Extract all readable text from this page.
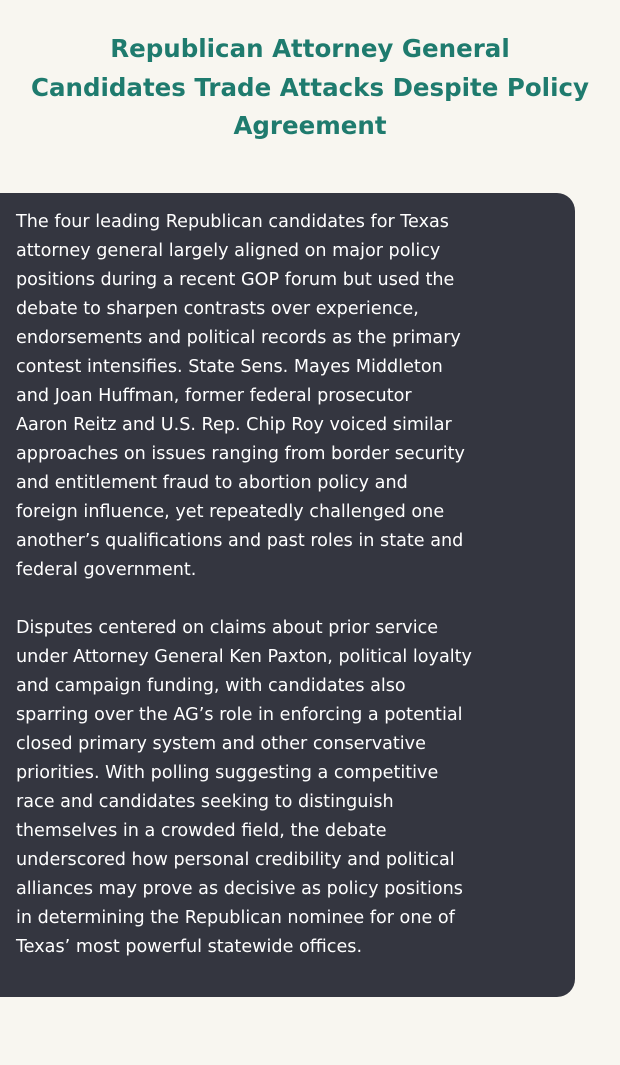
Republican Attorney General Candidates Trade Attacks Despite Policy Agreement

The four leading Republican candidates for Texas
attorney general largely aligned on major policy
positions during a recent GOP forum but used the
debate to sharpen contrasts over experience,
endorsements and political records as the primary
contest intensifies. State Sens. Mayes Middleton
and Joan Huffman, former federal prosecutor
Aaron Reitz and U.S. Rep. Chip Roy voiced similar
approaches on issues ranging from border security
and entitlement fraud to abortion policy and
foreign influence, yet repeatedly challenged one
another’s qualifications and past roles in state and
federal government.

Disputes centered on claims about prior service
under Attorney General Ken Paxton, political loyalty
and campaign funding, with candidates also
sparring over the AG’s role in enforcing a potential
closed primary system and other conservative
priorities. With polling suggesting a competitive
race and candidates seeking to distinguish
themselves in a crowded field, the debate
underscored how personal credibility and political
alliances may prove as decisive as policy positions
in determining the Republican nominee for one of
Texas’ most powerful statewide offices.
